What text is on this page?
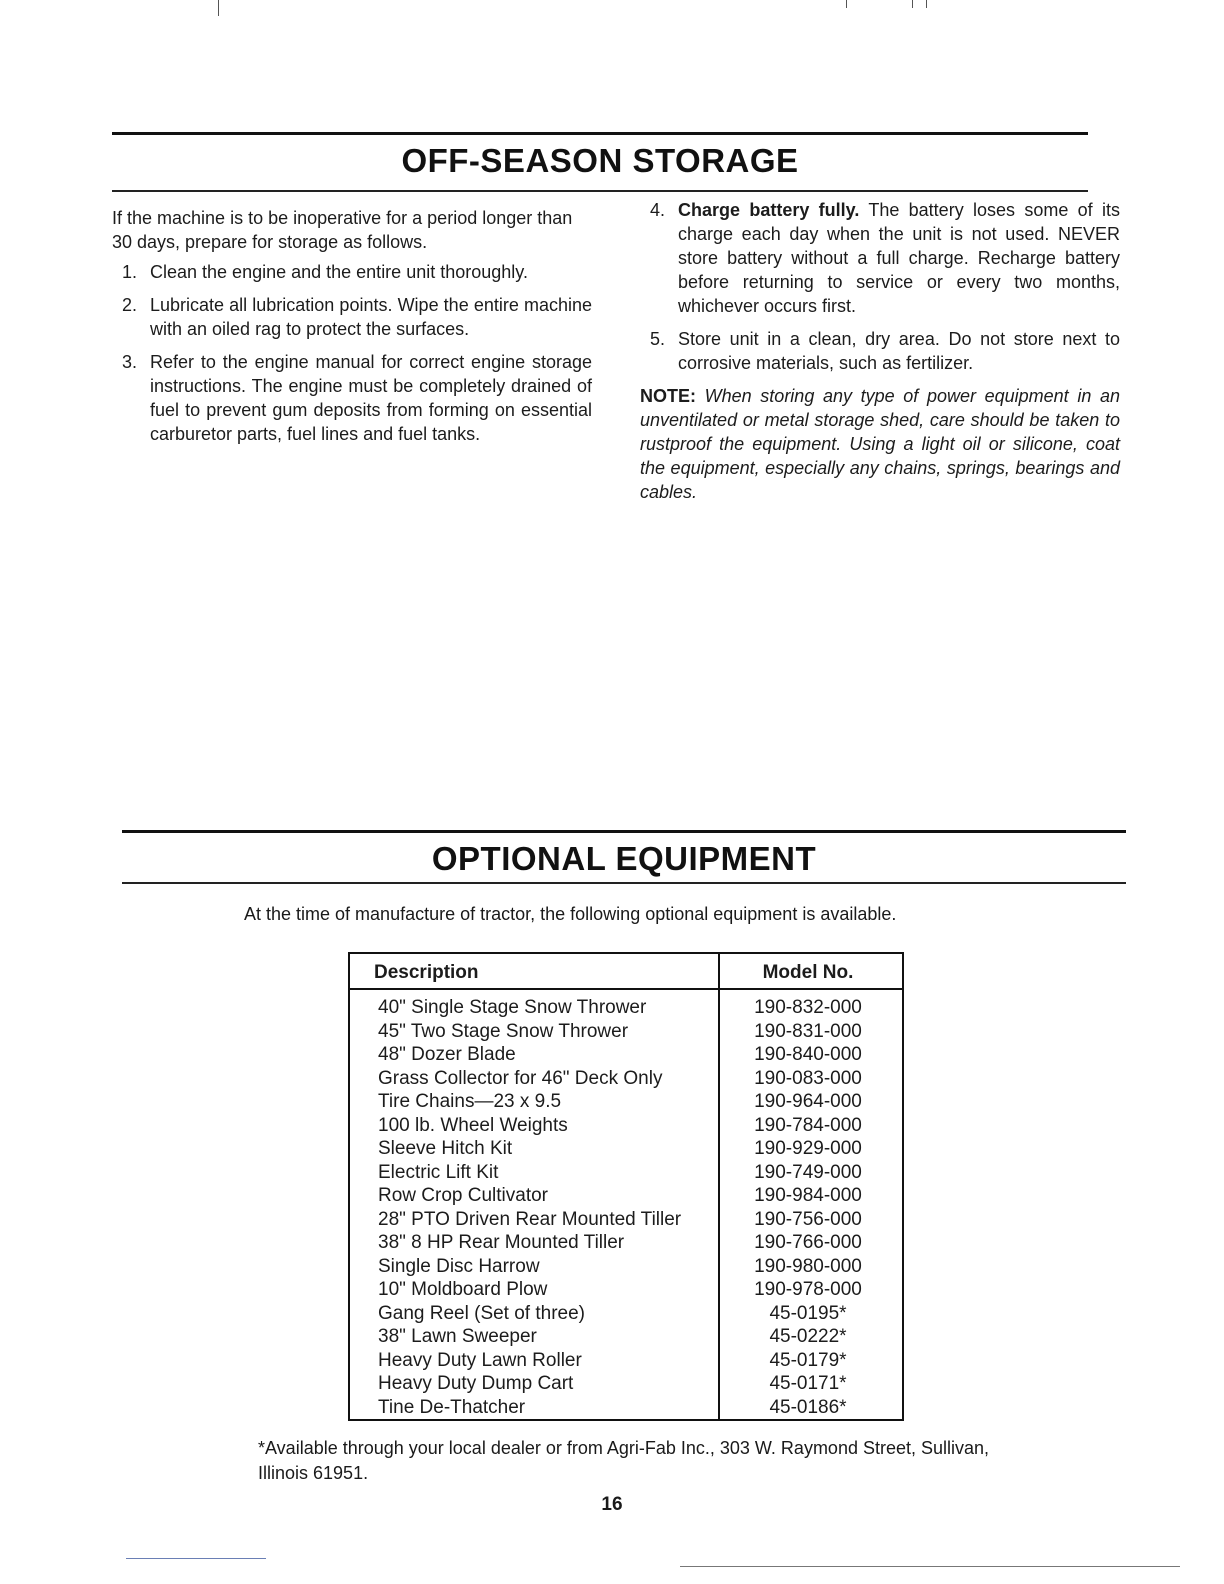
OFF-SEASON STORAGE

If the machine is to be inoperative for a period longer than 30 days, prepare for storage as follows.

1. Clean the engine and the entire unit thoroughly.
2. Lubricate all lubrication points. Wipe the entire machine with an oiled rag to protect the surfaces.
3. Refer to the engine manual for correct engine storage instructions. The engine must be completely drained of fuel to prevent gum deposits from forming on essential carburetor parts, fuel lines and fuel tanks.
4. Charge battery fully. The battery loses some of its charge each day when the unit is not used. NEVER store battery without a full charge. Recharge battery before returning to service or every two months, whichever occurs first.
5. Store unit in a clean, dry area. Do not store next to corrosive materials, such as fertilizer.

NOTE: When storing any type of power equipment in an unventilated or metal storage shed, care should be taken to rustproof the equipment. Using a light oil or silicone, coat the equipment, especially any chains, springs, bearings and cables.

OPTIONAL EQUIPMENT
At the time of manufacture of tractor, the following optional equipment is available.
Description	Model No.
40" Single Stage Snow Thrower	190-832-000
45" Two Stage Snow Thrower	190-831-000
48" Dozer Blade	190-840-000
Grass Collector for 46" Deck Only	190-083-000
Tire Chains—23 x 9.5	190-964-000
100 lb. Wheel Weights	190-784-000
Sleeve Hitch Kit	190-929-000
Electric Lift Kit	190-749-000
Row Crop Cultivator	190-984-000
28" PTO Driven Rear Mounted Tiller	190-756-000
38" 8 HP Rear Mounted Tiller	190-766-000
Single Disc Harrow	190-980-000
10" Moldboard Plow	190-978-000
Gang Reel (Set of three)	45-0195*
38" Lawn Sweeper	45-0222*
Heavy Duty Lawn Roller	45-0179*
Heavy Duty Dump Cart	45-0171*
Tine De-Thatcher	45-0186*
*Available through your local dealer or from Agri-Fab Inc., 303 W. Raymond Street, Sullivan, Illinois 61951.
16
